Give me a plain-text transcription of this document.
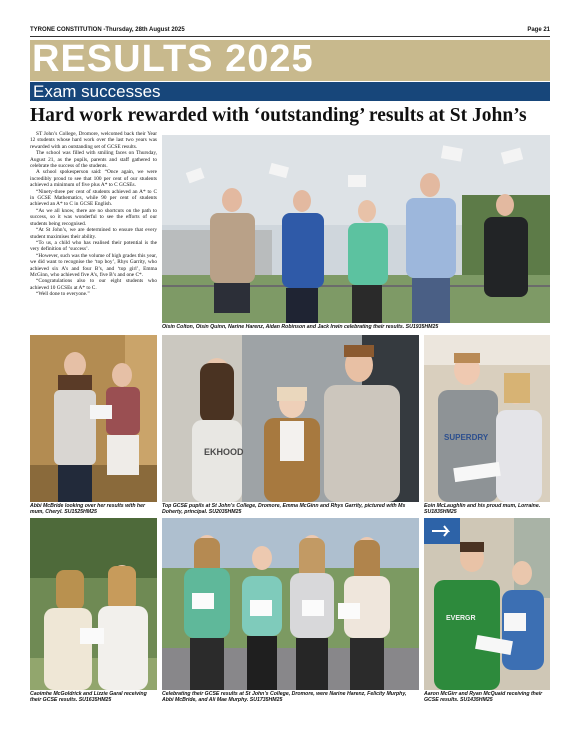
TYRONE CONSTITUTION -Thursday, 28th August 2025	Page 21
RESULTS 2025
Exam successes
Hard work rewarded with ‘outstanding’ results at St John’s

ST John’s College, Dromore, welcomed back their Year 12 students whose hard work over the last two years was rewarded with an outstanding set of GCSE results.

The school was filled with smiling faces on Thursday, August 21, as the pupils, parents and staff gathered to celebrate the success of the students.

A school spokesperson said: “Once again, we were incredibly proud to see that 100 per cent of our students achieved a minimum of five plus A* to C GCSEs.

“Ninety-three per cent of students achieved an A* to C in GCSE Mathematics, while 90 per cent of students achieved an A* to C in GCSE English.

“As we all know, there are no shortcuts on the path to success, so it was wonderful to see the efforts of our students being recognised.

“At St John’s, we are determined to ensure that every student maximises their ability.

“To us, a child who has realised their potential is the very definition of ‘success’.

“However, such was the volume of high grades this year, we did want to recognise the ‘top boy’, Rhys Garrity, who achieved six A’s and four B’s, and ‘top girl’, Emma McGinn, who achieved five A’s, five B’s and one C*.

“Congratulations also to our eight students who achieved 10 GCSEs at A* to C.

“Well done to everyone.”

Oisin Colton, Oisin Quinn, Narine Harenz, Aidan Robinson and Jack Irwin celebrating their results. SU1935HM25
Abbi McBride looking over her results with her mum, Cheryl. SU1525HM25
EKHOOD
Top GCSE pupils at St John’s College, Dromore, Emma McGinn and Rhys Garrity, pictured with Ms Doherty, principal. SU2035HM25
SUPERDRY
Eoin McLaughlin and his proud mum, Lorraine. SU1835HM25
Caoimhe McGoldrick and Lizzie Garal receiving their GCSE results. SU1635HM25
Celebrating their GCSE results at St John’s College, Dromore, were Narine Harenz, Felicity Murphy, Abbi McBride, and Ali Mae Murphy. SU1735HM25
EVERGR
Aaron McGirr and Ryan McQuaid receiving their GCSE results. SU1435HM25
